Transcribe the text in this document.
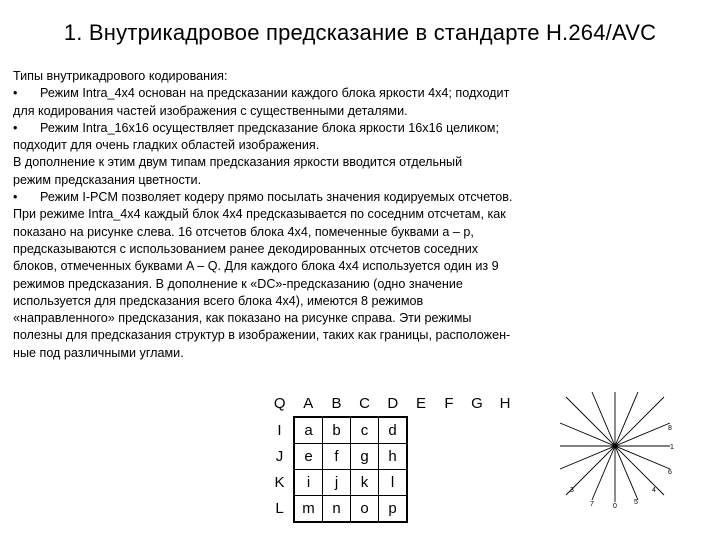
1. Внутрикадровое предсказание в стандарте H.264/AVC

Типы внутрикадрового кодирования:

• Режим Intra_4x4 основан на предсказании каждого блока яркости 4x4; подходит

для кодирования частей изображения с существенными деталями.

• Режим Intra_16x16 осуществляет предсказание блока яркости 16x16 целиком;

подходит для очень гладких областей изображения.

В дополнение к этим двум типам предсказания яркости вводится отдельный

режим предсказания цветности.

• Режим I-PCM позволяет кодеру прямо посылать значения кодируемых отсчетов.

При режиме Intra_4x4 каждый блок 4x4 предсказывается по соседним отсчетам, как

показано на рисунке слева. 16 отсчетов блока 4x4, помеченные буквами a – p,

предсказываются с использованием ранее декодированных отсчетов соседних

блоков, отмеченных буквами A – Q. Для каждого блока 4x4 используется один из 9

режимов предсказания. В дополнение к «DC»-предсказанию (одно значение

используется для предсказания всего блока 4x4), имеются 8 режимов

«направленного» предсказания, как показано на рисунке справа. Эти режимы

полезны для предсказания структур в изображении, таких как границы, расположен-

ные под различными углами.

Q	A	B	C	D	E	F	G	H
I	a	b	c	d				
J	e	f	g	h				
K	i	j	k	l				
L	m	n	o	p				
8
1
6
4
5
0
7
3
